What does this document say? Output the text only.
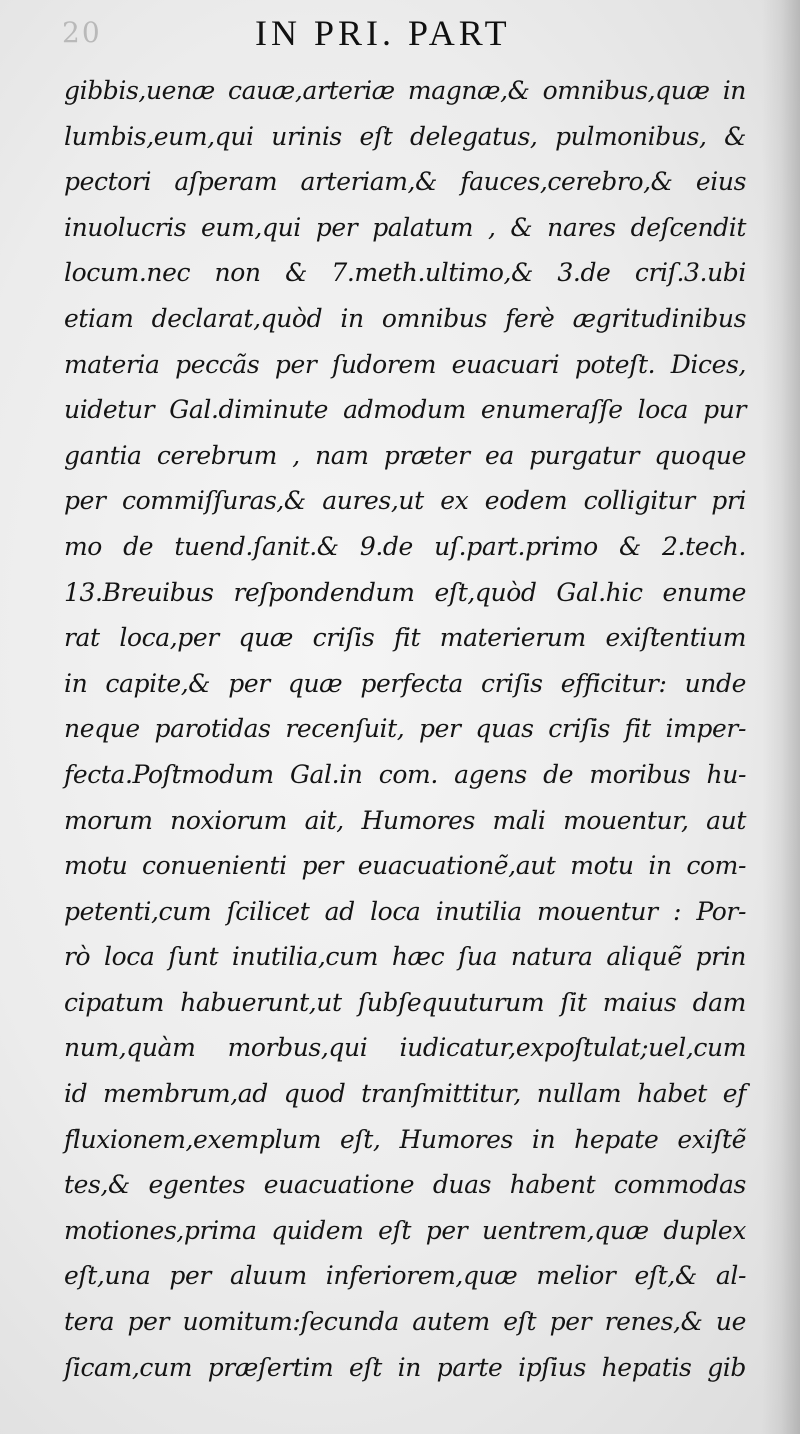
20	IN PRI. PART
gibbis,uenæ cauæ,arteriæ magnæ,& omnibus,quæ in
lumbis,eum,qui urinis eſt delegatus, pulmonibus, &
pectori aſperam arteriam,& fauces,cerebro,& eius
inuolucris eum,qui per palatum , & nares deſcendit
locum.nec non & 7.meth.ultimo,& 3.de criſ.3.ubi
etiam declarat,quòd in omnibus ferè ægritudinibus
materia peccãs per ſudorem euacuari poteſt. Dices,
uidetur Gal.diminute admodum enumeraſſe loca pur
gantia cerebrum , nam præter ea purgatur quoque
per commiſſuras,& aures,ut ex eodem colligitur pri
mo de tuend.ſanit.& 9.de uſ.part.primo & 2.tech.
13.Breuibus reſpondendum eſt,quòd Gal.hic enume
rat loca,per quæ criſis fit materierum exiſtentium
in capite,& per quæ perfecta criſis efficitur: unde
neque parotidas recenſuit, per quas criſis fit imper-
fecta.Poſtmodum Gal.in com. agens de moribus hu-
morum noxiorum ait, Humores mali mouentur, aut
motu conuenienti per euacuationẽ,aut motu in com-
petenti,cum ſcilicet ad loca inutilia mouentur : Por-
rò loca ſunt inutilia,cum hæc ſua natura aliquẽ prin
cipatum habuerunt,ut ſubſequuturum ſit maius dam
num,quàm morbus,qui iudicatur,expoſtulat;uel,cum
id membrum,ad quod tranſmittitur, nullam habet ef
fluxionem,exemplum eſt, Humores in hepate exiſtẽ
tes,& egentes euacuatione duas habent commodas
motiones,prima quidem eſt per uentrem,quæ duplex
eſt,una per aluum inferiorem,quæ melior eſt,& al-
tera per uomitum:ſecunda autem eſt per renes,& ue
ſicam,cum præſertim eſt in parte ipſius hepatis gib
